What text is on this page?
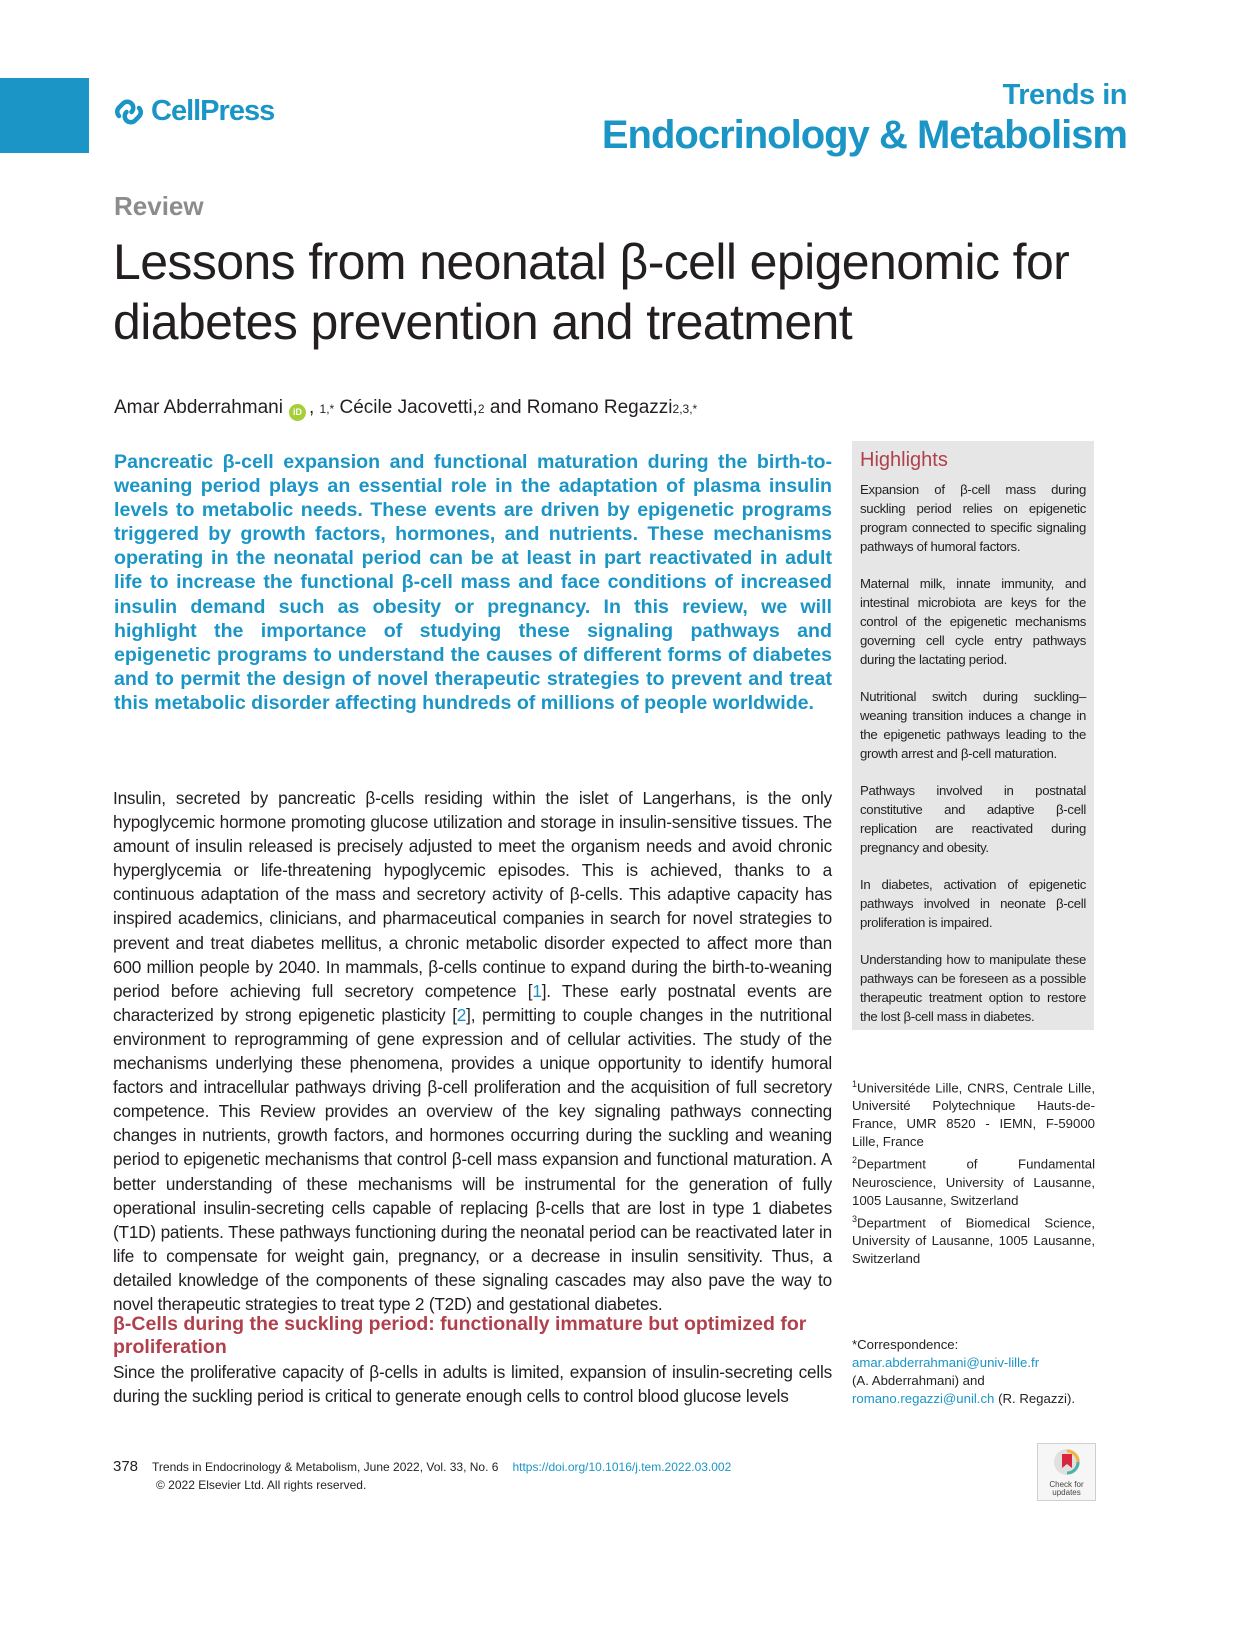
CellPress	Trends in
Endocrinology & Metabolism
Review
Lessons from neonatal β-cell epigenomic for diabetes prevention and treatment
Amar Abderrahmani	iD , 1,*
Cécile Jacovetti, 2
and Romano Regazzi 2,3,*
Pancreatic β-cell expansion and functional maturation during the birth-to-weaning period plays an essential role in the adaptation of plasma insulin levels to metabolic needs. These events are driven by epigenetic programs triggered by growth factors, hormones, and nutrients. These mechanisms operating in the neonatal period can be at least in part reactivated in adult life to increase the functional β-cell mass and face conditions of increased insulin demand such as obesity or pregnancy. In this review, we will highlight the importance of studying these signaling pathways and epigenetic programs to understand the causes of different forms of diabetes and to permit the design of novel therapeutic strategies to prevent and treat this metabolic disorder affecting hundreds of millions of people worldwide.
Highlights

Expansion of β-cell mass during suckling period relies on epigenetic program connected to specific signaling pathways of humoral factors.

Maternal milk, innate immunity, and intestinal microbiota are keys for the control of the epigenetic mechanisms governing cell cycle entry pathways during the lactating period.

Nutritional switch during suckling–weaning transition induces a change in the epigenetic pathways leading to the growth arrest and β-cell maturation.

Pathways involved in postnatal constitutive and adaptive β-cell replication are reactivated during pregnancy and obesity.

In diabetes, activation of epigenetic pathways involved in neonate β-cell proliferation is impaired.

Understanding how to manipulate these pathways can be foreseen as a possible therapeutic treatment option to restore the lost β-cell mass in diabetes.

Insulin, secreted by pancreatic β-cells residing within the islet of Langerhans, is the only hypoglycemic hormone promoting glucose utilization and storage in insulin-sensitive tissues. The amount of insulin released is precisely adjusted to meet the organism needs and avoid chronic hyperglycemia or life-threatening hypoglycemic episodes. This is achieved, thanks to a continuous adaptation of the mass and secretory activity of β-cells. This adaptive capacity has inspired academics, clinicians, and pharmaceutical companies in search for novel strategies to prevent and treat diabetes mellitus, a chronic metabolic disorder expected to affect more than 600 million people by 2040. In mammals, β-cells continue to expand during the birth-to-weaning period before achieving full secretory competence [1]. These early postnatal events are characterized by strong epigenetic plasticity [2], permitting to couple changes in the nutritional environment to reprogramming of gene expression and of cellular activities. The study of the mechanisms underlying these phenomena, provides a unique opportunity to identify humoral factors and intracellular pathways driving β-cell proliferation and the acquisition of full secretory competence. This Review provides an overview of the key signaling pathways connecting changes in nutrients, growth factors, and hormones occurring during the suckling and weaning period to epigenetic mechanisms that control β-cell mass expansion and functional maturation. A better understanding of these mechanisms will be instrumental for the generation of fully operational insulin-secreting cells capable of replacing β-cells that are lost in type 1 diabetes (T1D) patients. These pathways functioning during the neonatal period can be reactivated later in life to compensate for weight gain, pregnancy, or a decrease in insulin sensitivity. Thus, a detailed knowledge of the components of these signaling cascades may also pave the way to novel therapeutic strategies to treat type 2 (T2D) and gestational diabetes.
β-Cells during the suckling period: functionally immature but optimized for proliferation
Since the proliferative capacity of β-cells in adults is limited, expansion of insulin-secreting cells during the suckling period is critical to generate enough cells to control blood glucose levels

$^1$Universitéde Lille, CNRS, Centrale Lille, Université Polytechnique Hauts-de-France, UMR 8520 - IEMN, F-59000 Lille, France

$^2$Department of Fundamental Neuroscience, University of Lausanne, 1005 Lausanne, Switzerland

$^3$Department of Biomedical Science, University of Lausanne, 1005 Lausanne, Switzerland

*Correspondence:

amar.abderrahmani@univ-lille.fr

(A. Abderrahmani) and

romano.regazzi@unil.ch (R. Regazzi).

378 Trends in Endocrinology & Metabolism, June 2022, Vol. 33, No. 6 https://doi.org/10.1016/j.tem.2022.03.002
© 2022 Elsevier Ltd. All rights reserved.	Check for updates
